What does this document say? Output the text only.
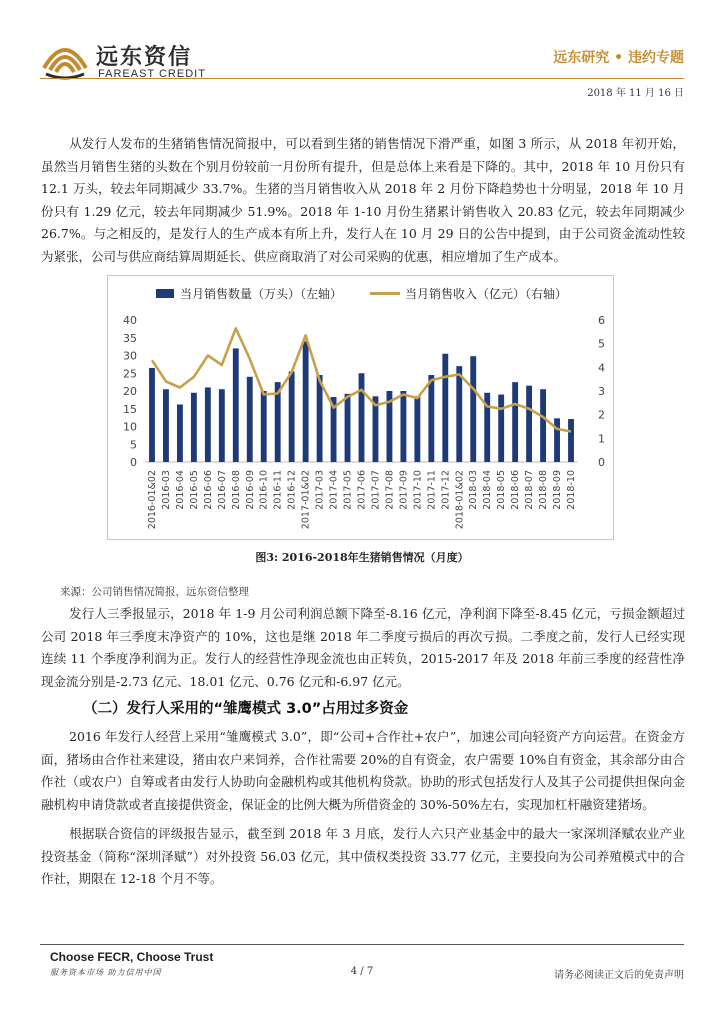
远东资信
FAREAST CREDIT
远东研究 • 违约专题
2018 年 11 月 16 日
从发行人发布的生猪销售情况简报中，可以看到生猪的销售情况下滑严重，如图 3 所示，从 2018 年初开始，虽然当月销售生猪的头数在个别月份较前一月份所有提升，但是总体上来看是下降的。其中，2018 年 10 月份只有 12.1 万头，较去年同期减少 33.7%。生猪的当月销售收入从 2018 年 2 月份下降趋势也十分明显，2018 年 10 月份只有 1.29 亿元，较去年同期减少 51.9%。2018 年 1-10 月份生猪累计销售收入 20.83 亿元，较去年同期减少 26.7%。与之相反的，是发行人的生产成本有所上升，发行人在 10 月 29 日的公告中提到，由于公司资金流动性较为紧张，公司与供应商结算周期延长、供应商取消了对公司采购的优惠，相应增加了生产成本。
当月销售数量（万头）（左轴）	当月销售收入（亿元）（右轴）
0
5
10
15
20
25
30
35
40
0
1
2
3
4
5
6
2016-01&02 2016-03 2016-04 2016-05 2016-06 2016-07 2016-08 2016-09 2016-10 2016-11 2016-12 2017-01&02 2017-03 2017-04 2017-05 2017-06 2017-07 2017-08 2017-09 2017-10 2017-11 2017-12 2018-01&02 2018-03 2018-04 2018-05 2018-06 2018-07 2018-08 2018-09 2018-10
图3: 2016-2018年生猪销售情况（月度）
来源：公司销售情况简报，远东资信整理
发行人三季报显示，2018 年 1-9 月公司利润总额下降至-8.16 亿元，净利润下降至-8.45 亿元，亏损金额超过公司 2018 年三季度末净资产的 10%，这也是继 2018 年二季度亏损后的再次亏损。二季度之前，发行人已经实现连续 11 个季度净利润为正。发行人的经营性净现金流也由正转负，2015-2017 年及 2018 年前三季度的经营性净现金流分别是-2.73 亿元、18.01 亿元、0.76 亿元和-6.97 亿元。
（二）发行人采用的“雏鹰模式 3.0”占用过多资金
2016 年发行人经营上采用“雏鹰模式 3.0”，即“公司+合作社+农户”，加速公司向轻资产方向运营。在资金方面，猪场由合作社来建设，猪由农户来饲养，合作社需要 20%的自有资金，农户需要 10%自有资金，其余部分由合作社（或农户）自筹或者由发行人协助向金融机构或其他机构贷款。协助的形式包括发行人及其子公司提供担保向金融机构申请贷款或者直接提供资金，保证金的比例大概为所借资金的 30%-50%左右，实现加杠杆融资建猪场。
根据联合资信的评级报告显示，截至到 2018 年 3 月底，发行人六只产业基金中的最大一家深圳泽赋农业产业投资基金（简称“深圳泽赋”）对外投资 56.03 亿元，其中债权类投资 33.77 亿元，主要投向为公司养殖模式中的合作社，期限在 12-18 个月不等。
Choose FECR, Choose Trust
服务资本市场 助力信用中国	4 / 7	请务必阅读正文后的免责声明
